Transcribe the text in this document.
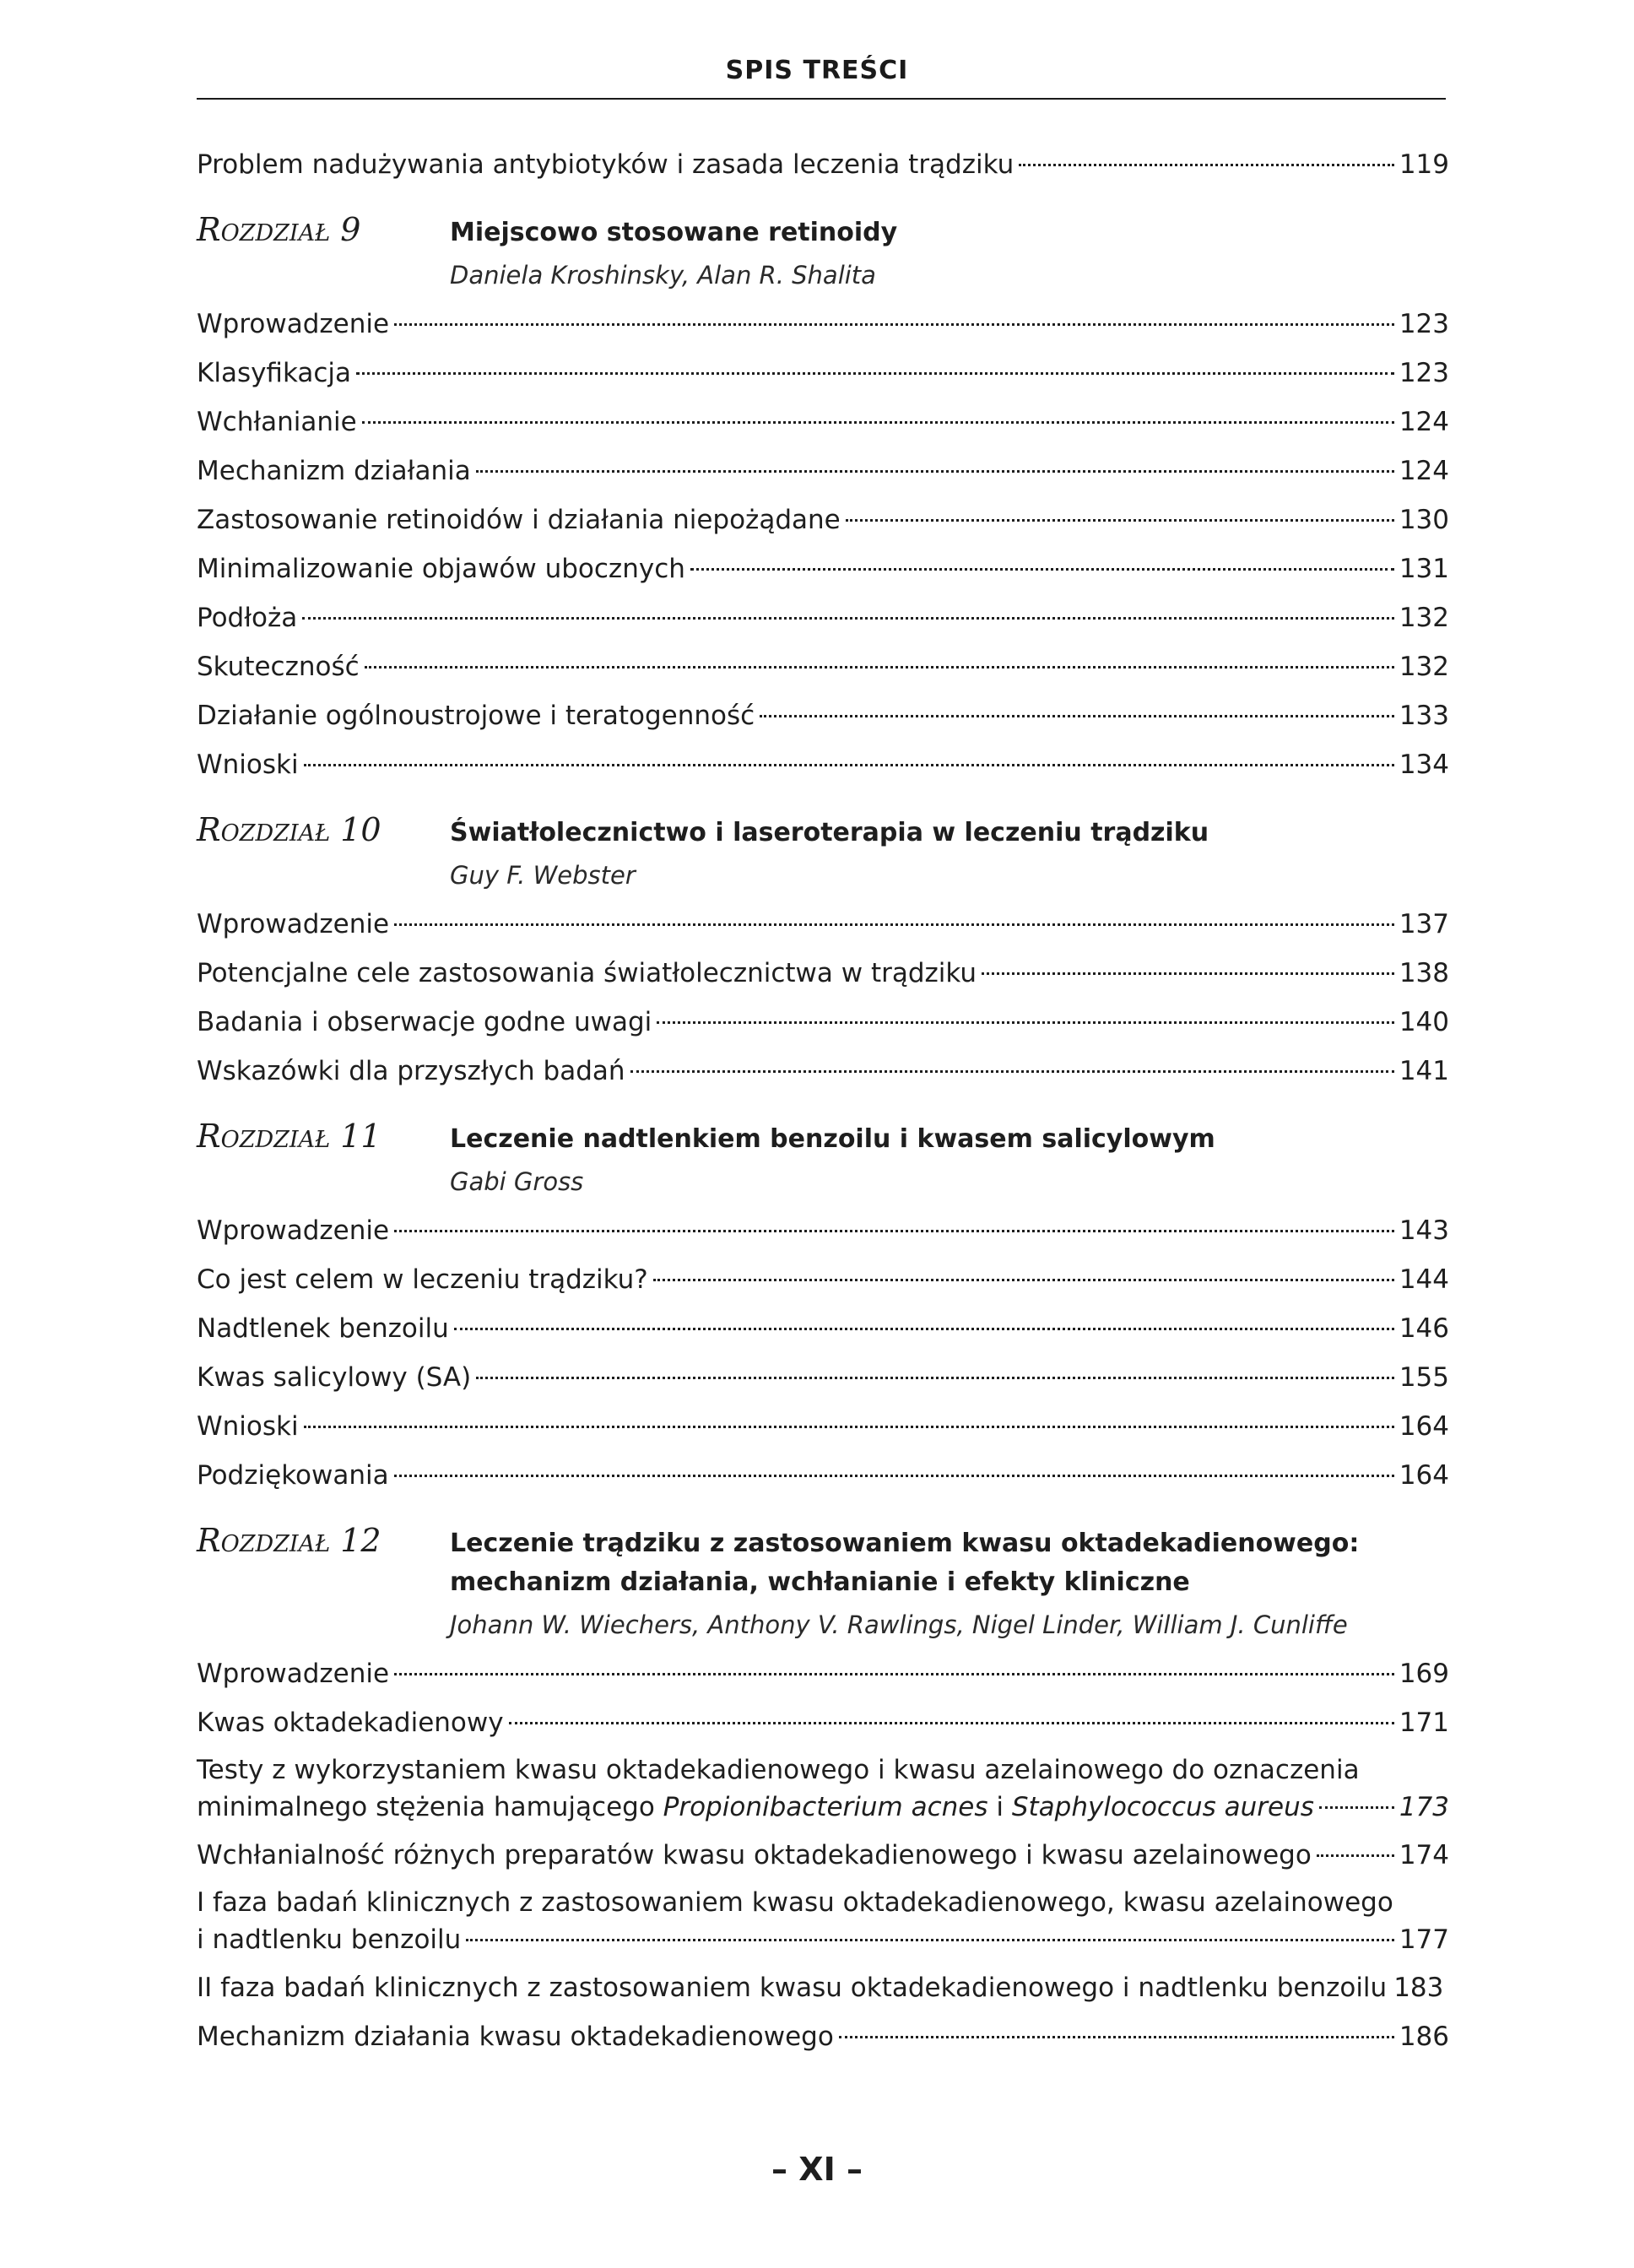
SPIS TREŚCI
Problem nadużywania antybiotyków i zasada leczenia trądziku	119
Rozdział 9	Miejscowo stosowane retinoidy
Daniela Kroshinsky, Alan R. Shalita
Wprowadzenie	123
Klasyfikacja	123
Wchłanianie	124
Mechanizm działania	124
Zastosowanie retinoidów i działania niepożądane	130
Minimalizowanie objawów ubocznych	131
Podłoża	132
Skuteczność	132
Działanie ogólnoustrojowe i teratogenność	133
Wnioski	134
Rozdział 10	Światłolecznictwo i laseroterapia w leczeniu trądziku
Guy F. Webster
Wprowadzenie	137
Potencjalne cele zastosowania światłolecznictwa w trądziku	138
Badania i obserwacje godne uwagi	140
Wskazówki dla przyszłych badań	141
Rozdział 11	Leczenie nadtlenkiem benzoilu i kwasem salicylowym
Gabi Gross
Wprowadzenie	143
Co jest celem w leczeniu trądziku?	144
Nadtlenek benzoilu	146
Kwas salicylowy (SA)	155
Wnioski	164
Podziękowania	164
Rozdział 12	Leczenie trądziku z zastosowaniem kwasu oktadekadienowego:
mechanizm działania, wchłanianie i efekty kliniczne
Johann W. Wiechers, Anthony V. Rawlings, Nigel Linder, William J. Cunliffe
Wprowadzenie	169
Kwas oktadekadienowy	171
Testy z wykorzystaniem kwasu oktadekadienowego i kwasu azelainowego do oznaczenia
minimalnego stężenia hamującego Propionibacterium acnes i Staphylococcus aureus	173
Wchłanialność różnych preparatów kwasu oktadekadienowego i kwasu azelainowego	174
I faza badań klinicznych z zastosowaniem kwasu oktadekadienowego, kwasu azelainowego
i nadtlenku benzoilu	177
II faza badań klinicznych z zastosowaniem kwasu oktadekadienowego i nadtlenku benzoilu 183
Mechanizm działania kwasu oktadekadienowego	186
– XI –
